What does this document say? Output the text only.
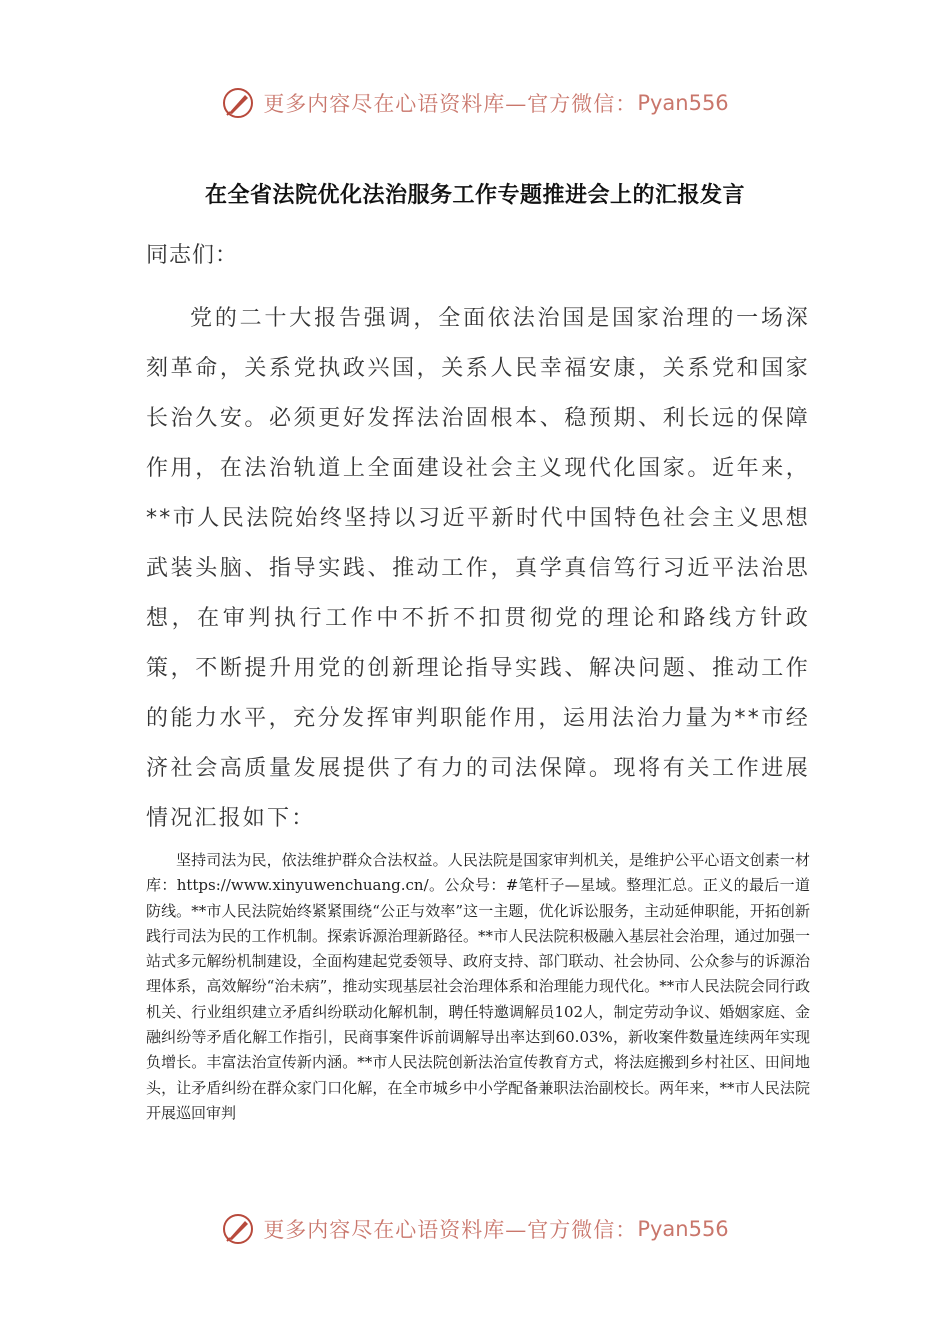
更多内容尽在心语资料库—官方微信： Pyan556
在全省法院优化法治服务工作专题推进会上的汇报发言
同志们：
党的二十大报告强调，全面依法治国是国家治理的一场深刻革命，关系党执政兴国，关系人民幸福安康，关系党和国家长治久安。必须更好发挥法治固根本、稳预期、利长远的保障作用，在法治轨道上全面建设社会主义现代化国家。近年来，**市人民法院始终坚持以习近平新时代中国特色社会主义思想武装头脑、指导实践、推动工作，真学真信笃行习近平法治思想，在审判执行工作中不折不扣贯彻党的理论和路线方针政策，不断提升用党的创新理论指导实践、解决问题、推动工作的能力水平，充分发挥审判职能作用，运用法治力量为**市经济社会高质量发展提供了有力的司法保障。现将有关工作进展情况汇报如下：
坚持司法为民，依法维护群众合法权益。人民法院是国家审判机关，是维护公平心语文创素一材库：https://www.xinyuwenchuang.cn/。公众号：#笔杆子—星域。整理汇总。正义的最后一道防线。**市人民法院始终紧紧围绕“公正与效率”这一主题，优化诉讼服务，主动延伸职能，开拓创新践行司法为民的工作机制。探索诉源治理新路径。**市人民法院积极融入基层社会治理，通过加强一站式多元解纷机制建设，全面构建起党委领导、政府支持、部门联动、社会协同、公众参与的诉源治理体系，高效解纷“治未病”，推动实现基层社会治理体系和治理能力现代化。**市人民法院会同行政机关、行业组织建立矛盾纠纷联动化解机制，聘任特邀调解员102人，制定劳动争议、婚姻家庭、金融纠纷等矛盾化解工作指引，民商事案件诉前调解导出率达到60.03%，新收案件数量连续两年实现负增长。丰富法治宣传新内涵。**市人民法院创新法治宣传教育方式，将法庭搬到乡村社区、田间地头，让矛盾纠纷在群众家门口化解，在全市城乡中小学配备兼职法治副校长。两年来，**市人民法院开展巡回审判
更多内容尽在心语资料库—官方微信： Pyan556
